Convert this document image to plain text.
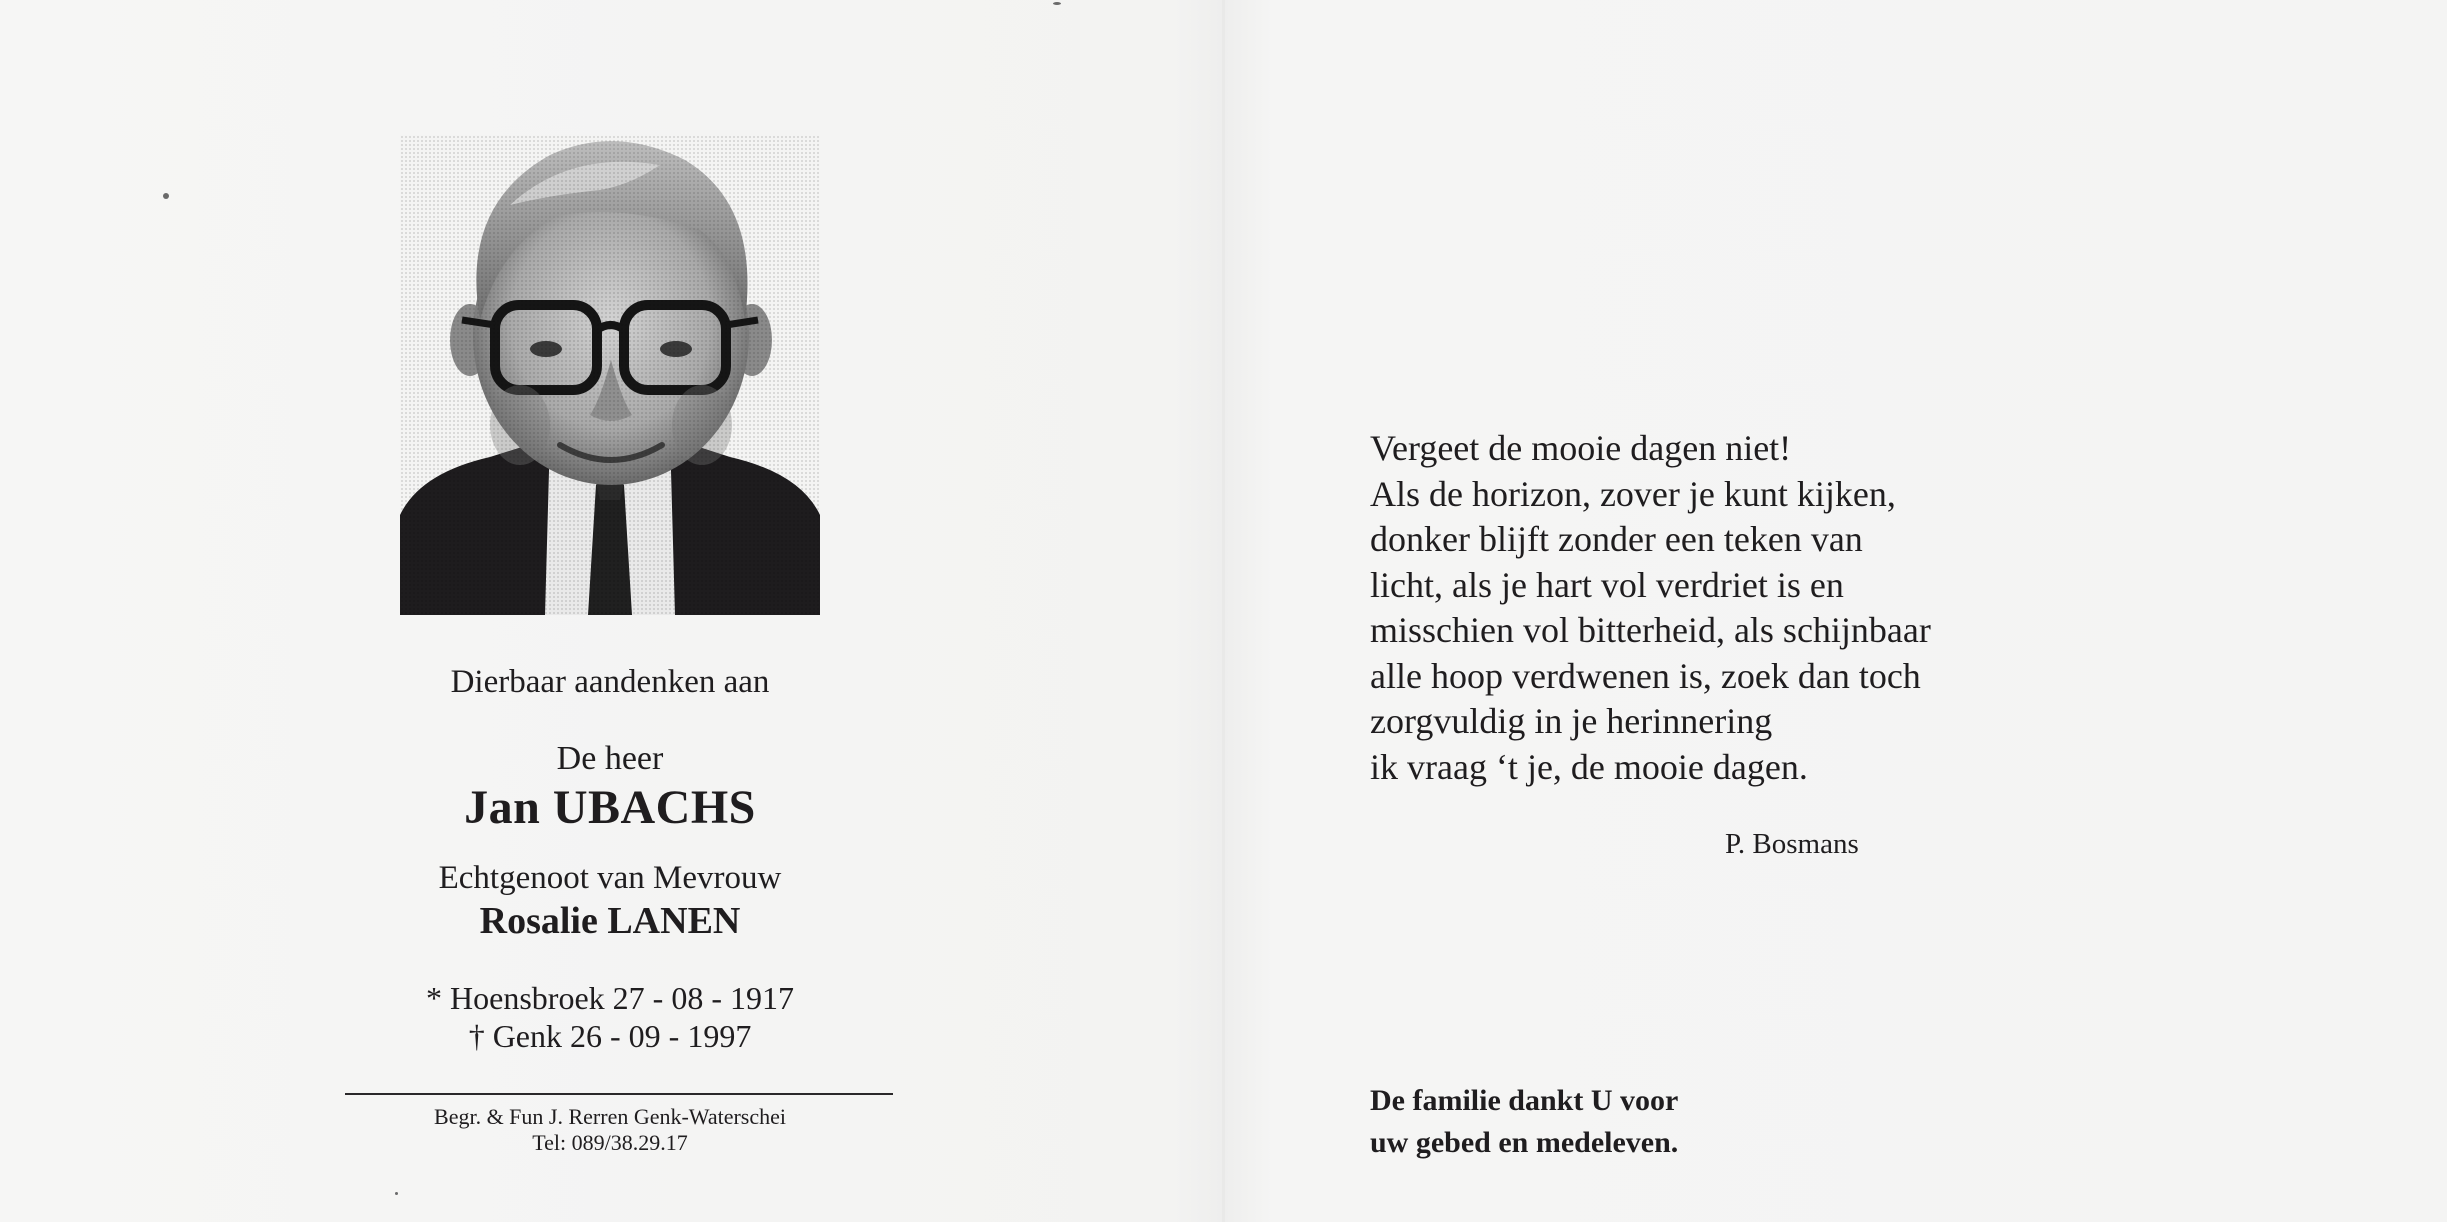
Dierbaar aandenken aan

De heer

Jan UBACHS

Echtgenoot van Mevrouw

Rosalie LANEN

* Hoensbroek 27 - 08 - 1917

† Genk 26 - 09 - 1997

Begr. & Fun J. Rerren Genk-Waterschei

Tel: 089/38.29.17

Vergeet de mooie dagen niet!
Als de horizon, zover je kunt kijken,
donker blijft zonder een teken van
licht, als je hart vol verdriet is en
misschien vol bitterheid, als schijnbaar
alle hoop verdwenen is, zoek dan toch
zorgvuldig in je herinnering
ik vraag ‘t je, de mooie dagen.
P. Bosmans
De familie dankt U voor
uw gebed en medeleven.
